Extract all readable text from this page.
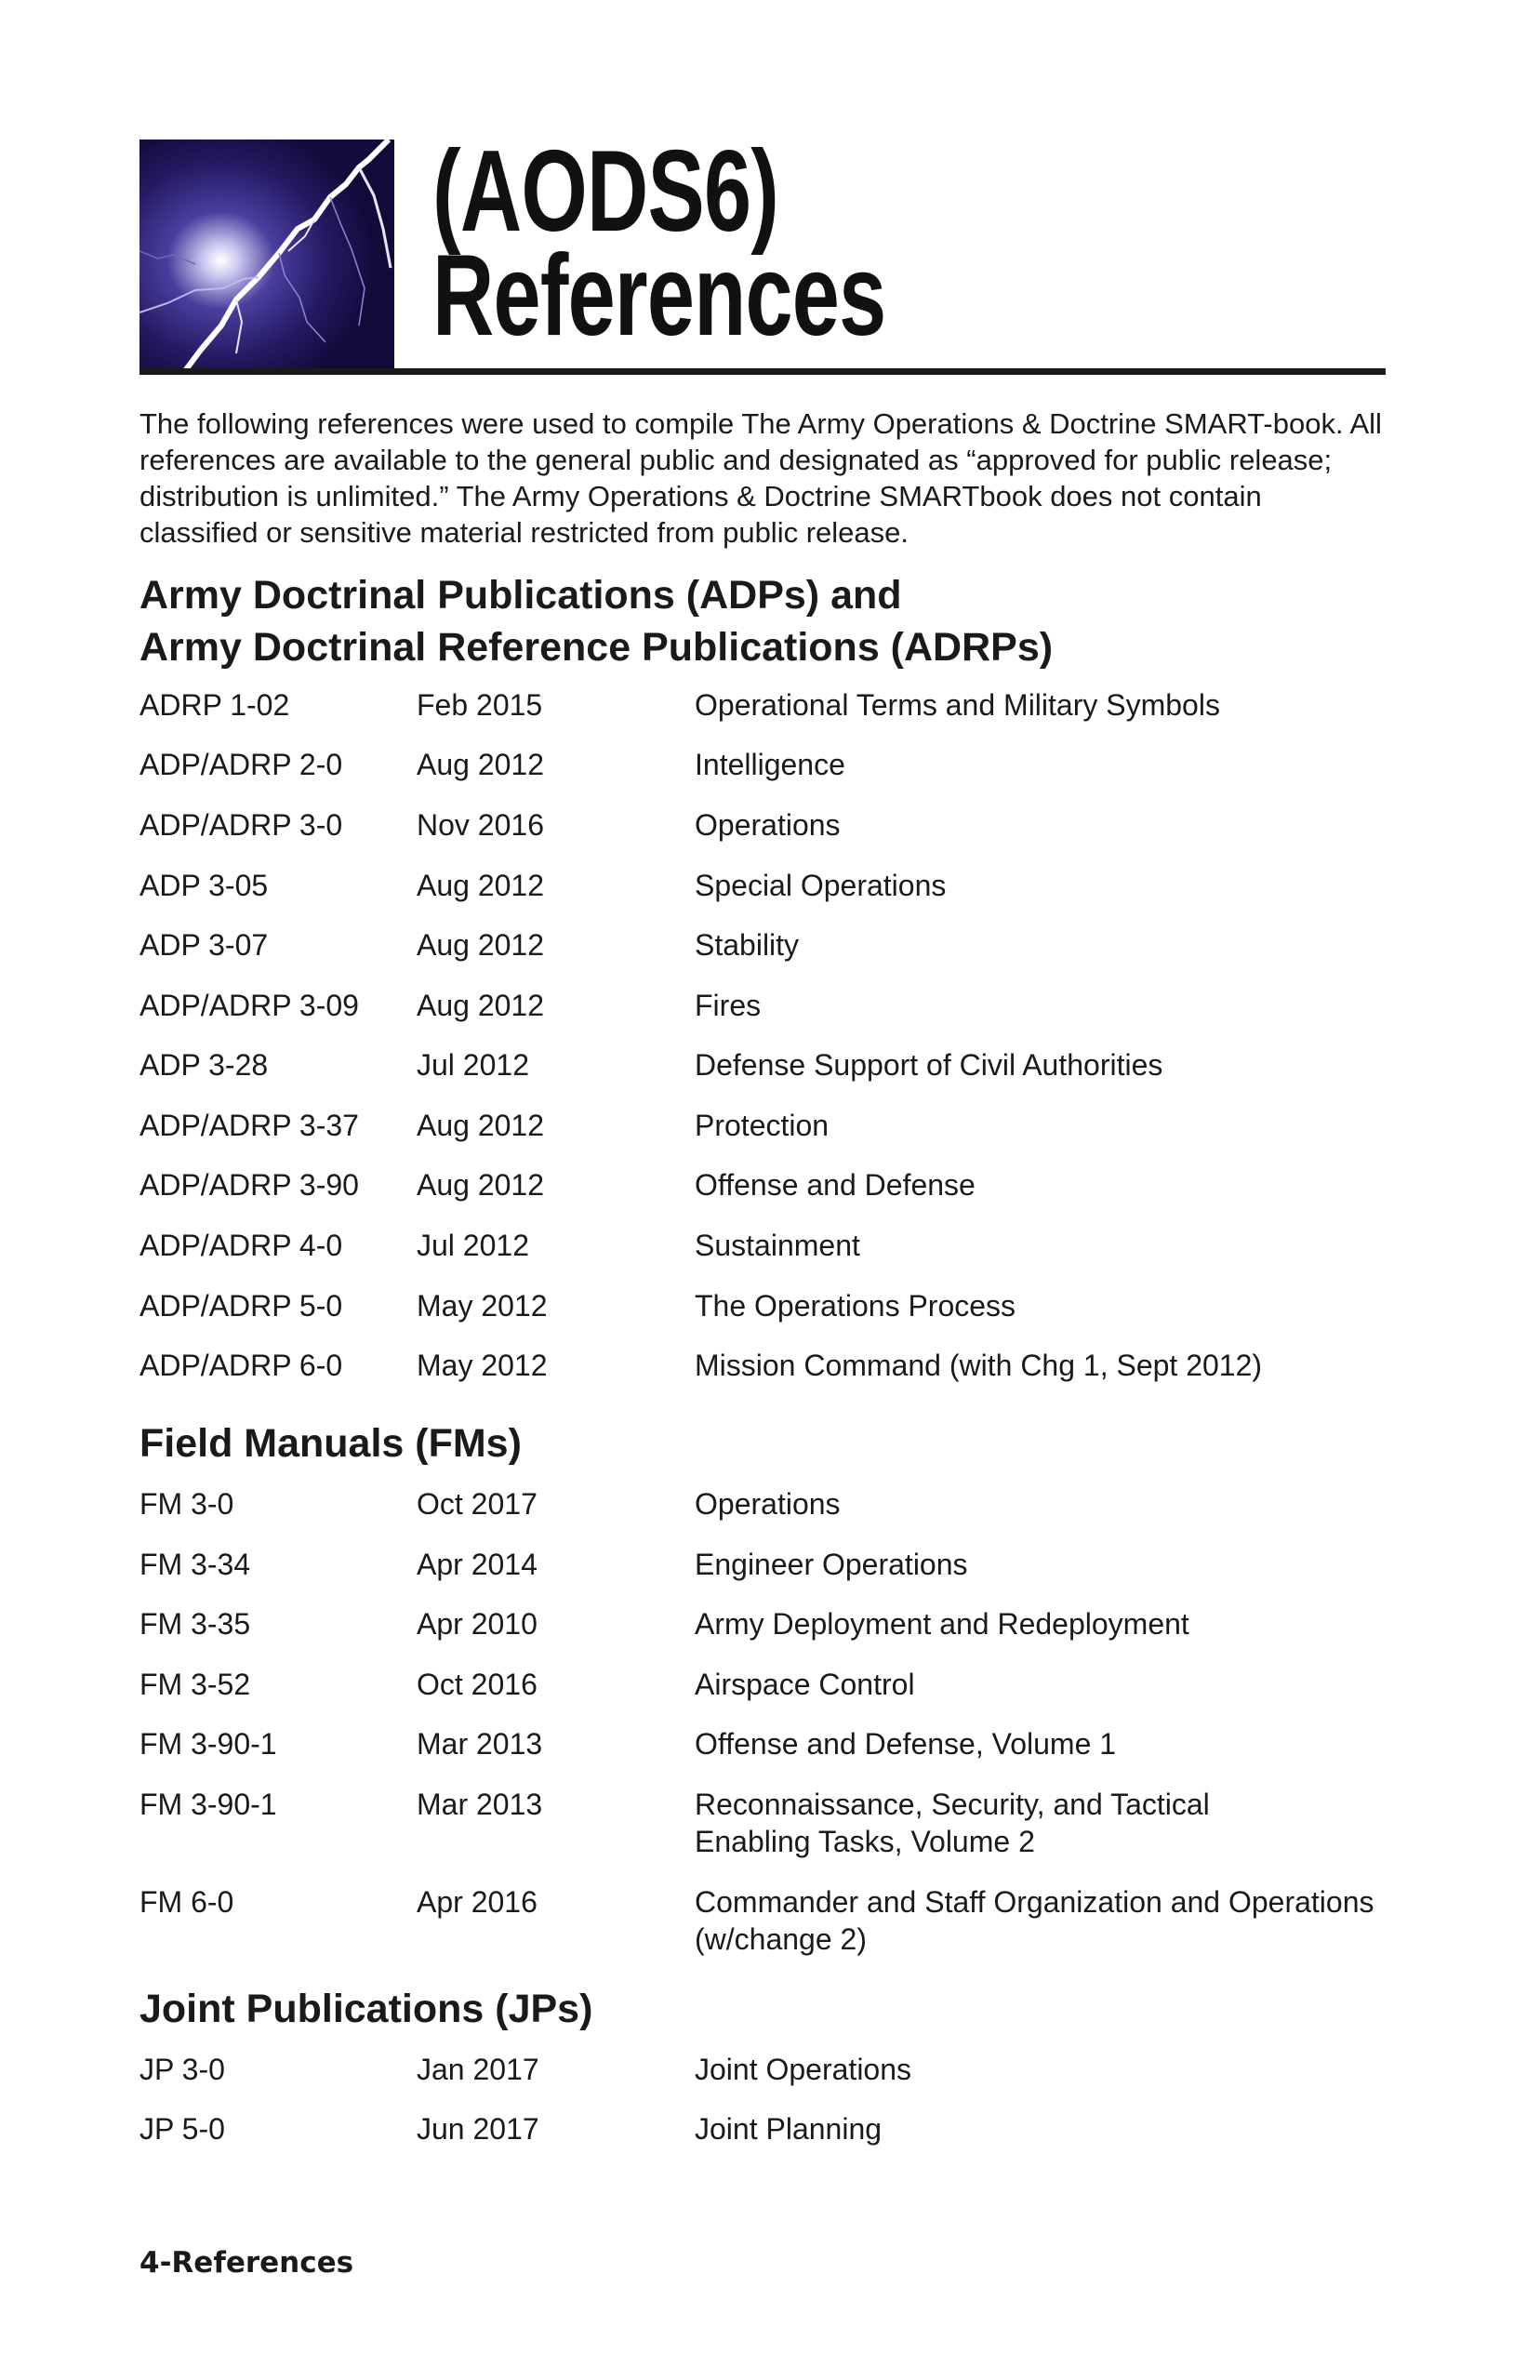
(AODS6)
References
The following references were used to compile The Army Operations & Doctrine SMART-book. All references are available to the general public and designated as “approved for public release; distribution is unlimited.” The Army Operations & Doctrine SMARTbook does not contain classified or sensitive material restricted from public release.
Army Doctrinal Publications (ADPs) and
Army Doctrinal Reference Publications (ADRPs)
ADRP 1-02	Feb 2015	Operational Terms and Military Symbols
ADP/ADRP 2-0 Aug 2012	Intelligence
ADP/ADRP 3-0 Nov 2016	Operations
ADP 3-05	Aug 2012	Special Operations
ADP 3-07	Aug 2012	Stability
ADP/ADRP 3-09 Aug 2012	Fires
ADP 3-28	Jul 2012	Defense Support of Civil Authorities
ADP/ADRP 3-37 Aug 2012	Protection
ADP/ADRP 3-90 Aug 2012	Offense and Defense
ADP/ADRP 4-0 Jul 2012	Sustainment
ADP/ADRP 5-0 May 2012	The Operations Process
ADP/ADRP 6-0 May 2012	Mission Command (with Chg 1, Sept 2012)
Field Manuals (FMs)
FM 3-0	Oct 2017	Operations
FM 3-34	Apr 2014	Engineer Operations
FM 3-35	Apr 2010	Army Deployment and Redeployment
FM 3-52	Oct 2016	Airspace Control
FM 3-90-1	Mar 2013	Offense and Defense, Volume 1
FM 3-90-1	Mar 2013	Reconnaissance, Security, and Tactical
Enabling Tasks, Volume 2
FM 6-0	Apr 2016	Commander and Staff Organization and Operations
(w/change 2)
Joint Publications (JPs)
JP 3-0	Jan 2017	Joint Operations
JP 5-0	Jun 2017	Joint Planning
4-References
